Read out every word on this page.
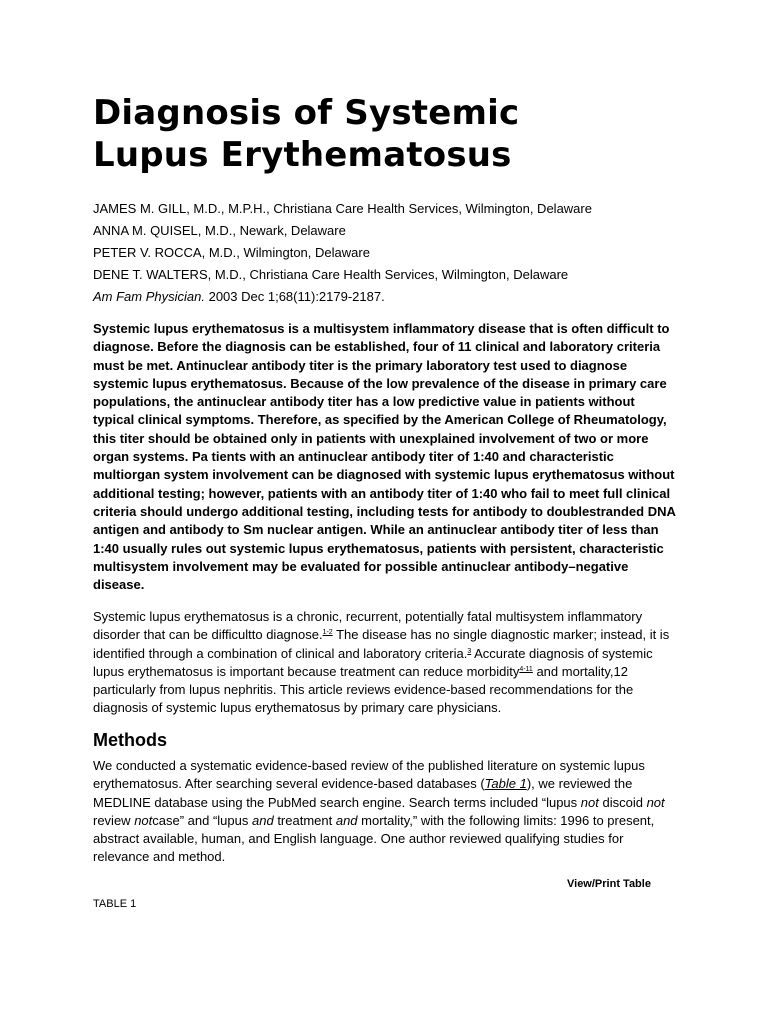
Diagnosis of Systemic
Lupus Erythematosus
JAMES M. GILL, M.D., M.P.H., Christiana Care Health Services, Wilmington, Delaware
ANNA M. QUISEL, M.D., Newark, Delaware
PETER V. ROCCA, M.D., Wilmington, Delaware
DENE T. WALTERS, M.D., Christiana Care Health Services, Wilmington, Delaware
Am Fam Physician. 2003 Dec 1;68(11):2179-2187.

Systemic lupus erythematosus is a multisystem inflammatory disease that is often difficult to diagnose. Before the diagnosis can be established, four of 11 clinical and laboratory criteria must be met. Antinuclear antibody titer is the primary laboratory test used to diagnose systemic lupus erythematosus. Because of the low prevalence of the disease in primary care populations, the antinuclear antibody titer has a low predictive value in patients without typical clinical symptoms. Therefore, as specified by the American College of Rheumatology, this titer should be obtained only in patients with unexplained involvement of two or more organ systems. Pa tients with an antinuclear antibody titer of 1:40 and characteristic multiorgan system involvement can be diagnosed with systemic lupus erythematosus without additional testing; however, patients with an antibody titer of 1:40 who fail to meet full clinical criteria should undergo additional testing, including tests for antibody to doublestranded DNA antigen and antibody to Sm nuclear antigen. While an antinuclear antibody titer of less than 1:40 usually rules out systemic lupus erythematosus, patients with persistent, characteristic multisystem involvement may be evaluated for possible antinuclear antibody–negative disease.

Systemic lupus erythematosus is a chronic, recurrent, potentially fatal multisystem inflammatory disorder that can be difficultto diagnose.$^{1-2}$ The disease has no single diagnostic marker; instead, it is identified through a combination of clinical and laboratory criteria.$^3$ Accurate diagnosis of systemic lupus erythematosus is important because treatment can reduce morbidity$^{4-11}$ and mortality,12 particularly from lupus nephritis. This article reviews evidence-based recommendations for the diagnosis of systemic lupus erythematosus by primary care physicians.

Methods

We conducted a systematic evidence-based review of the published literature on systemic lupus erythematosus. After searching several evidence-based databases (Table 1), we reviewed the MEDLINE database using the PubMed search engine. Search terms included “lupus not discoid not review notcase” and “lupus and treatment and mortality,” with the following limits: 1996 to present, abstract available, human, and English language. One author reviewed qualifying studies for relevance and method.

View/Print Table
TABLE 1
